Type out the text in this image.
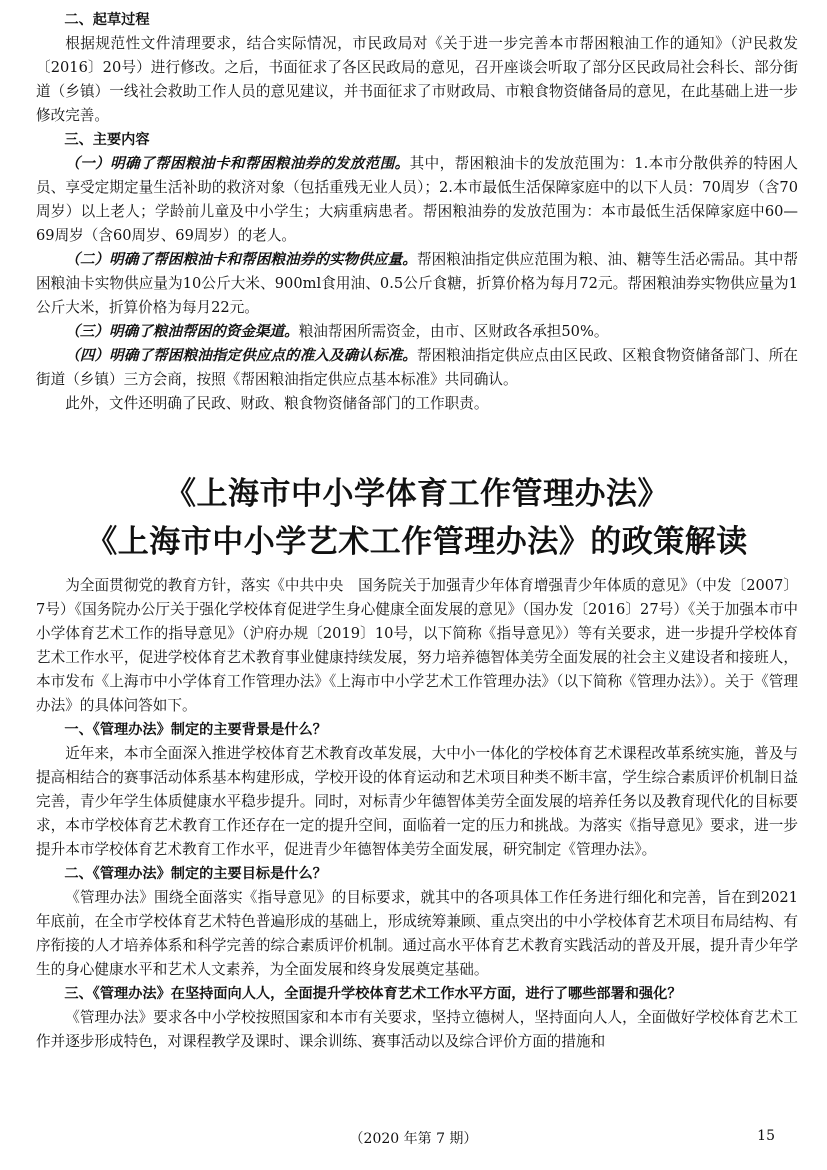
二、起草过程

根据规范性文件清理要求，结合实际情况，市民政局对《关于进一步完善本市帮困粮油工作的通知》（沪民救发〔2016〕20号）进行修改。之后，书面征求了各区民政局的意见，召开座谈会听取了部分区民政局社会科长、部分街道（乡镇）一线社会救助工作人员的意见建议，并书面征求了市财政局、市粮食物资储备局的意见，在此基础上进一步修改完善。

三、主要内容

（一）明确了帮困粮油卡和帮困粮油券的发放范围。其中，帮困粮油卡的发放范围为：1.本市分散供养的特困人员、享受定期定量生活补助的救济对象（包括重残无业人员）；2.本市最低生活保障家庭中的以下人员：70周岁（含70周岁）以上老人；学龄前儿童及中小学生；大病重病患者。帮困粮油券的发放范围为：本市最低生活保障家庭中60—69周岁（含60周岁、69周岁）的老人。

（二）明确了帮困粮油卡和帮困粮油券的实物供应量。帮困粮油指定供应范围为粮、油、糖等生活必需品。其中帮困粮油卡实物供应量为10公斤大米、900ml食用油、0.5公斤食糖，折算价格为每月72元。帮困粮油券实物供应量为1公斤大米，折算价格为每月22元。

（三）明确了粮油帮困的资金渠道。粮油帮困所需资金，由市、区财政各承担50%。

（四）明确了帮困粮油指定供应点的准入及确认标准。帮困粮油指定供应点由区民政、区粮食物资储备部门、所在街道（乡镇）三方会商，按照《帮困粮油指定供应点基本标准》共同确认。

此外，文件还明确了民政、财政、粮食物资储备部门的工作职责。

《上海市中小学体育工作管理办法》
《上海市中小学艺术工作管理办法》的政策解读

为全面贯彻党的教育方针，落实《中共中央　国务院关于加强青少年体育增强青少年体质的意见》（中发〔2007〕7号）《国务院办公厅关于强化学校体育促进学生身心健康全面发展的意见》（国办发〔2016〕27号）《关于加强本市中小学体育艺术工作的指导意见》（沪府办规〔2019〕10号，以下简称《指导意见》）等有关要求，进一步提升学校体育艺术工作水平，促进学校体育艺术教育事业健康持续发展，努力培养德智体美劳全面发展的社会主义建设者和接班人，本市发布《上海市中小学体育工作管理办法》《上海市中小学艺术工作管理办法》（以下简称《管理办法》）。关于《管理办法》的具体问答如下。

一、《管理办法》制定的主要背景是什么？

近年来，本市全面深入推进学校体育艺术教育改革发展，大中小一体化的学校体育艺术课程改革系统实施，普及与提高相结合的赛事活动体系基本构建形成，学校开设的体育运动和艺术项目种类不断丰富，学生综合素质评价机制日益完善，青少年学生体质健康水平稳步提升。同时，对标青少年德智体美劳全面发展的培养任务以及教育现代化的目标要求，本市学校体育艺术教育工作还存在一定的提升空间，面临着一定的压力和挑战。为落实《指导意见》要求，进一步提升本市学校体育艺术教育工作水平，促进青少年德智体美劳全面发展，研究制定《管理办法》。

二、《管理办法》制定的主要目标是什么？

《管理办法》围绕全面落实《指导意见》的目标要求，就其中的各项具体工作任务进行细化和完善，旨在到2021年底前，在全市学校体育艺术特色普遍形成的基础上，形成统筹兼顾、重点突出的中小学校体育艺术项目布局结构、有序衔接的人才培养体系和科学完善的综合素质评价机制。通过高水平体育艺术教育实践活动的普及开展，提升青少年学生的身心健康水平和艺术人文素养，为全面发展和终身发展奠定基础。

三、《管理办法》在坚持面向人人，全面提升学校体育艺术工作水平方面，进行了哪些部署和强化？

《管理办法》要求各中小学校按照国家和本市有关要求，坚持立德树人，坚持面向人人，全面做好学校体育艺术工作并逐步形成特色，对课程教学及课时、课余训练、赛事活动以及综合评价方面的措施和

（2020 年第 7 期）	15
